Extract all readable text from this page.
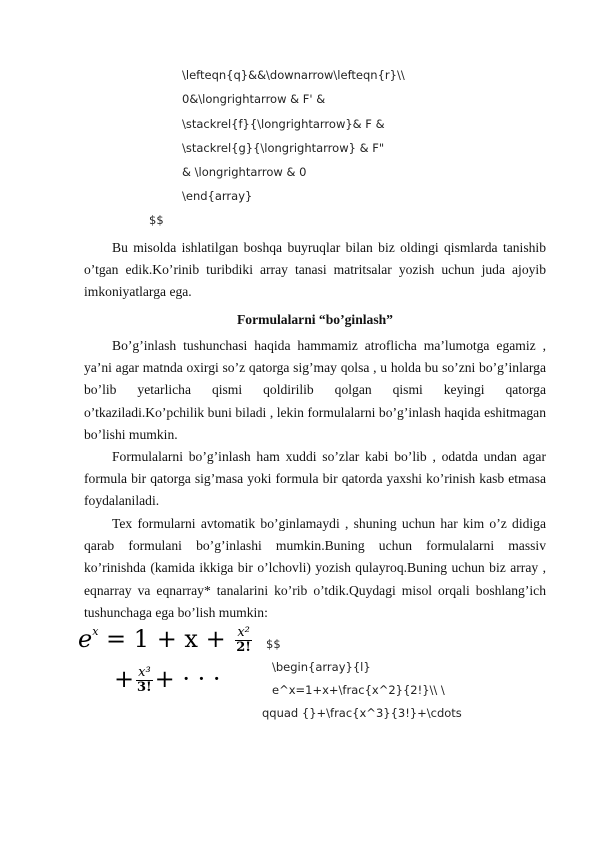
\lefteqn{q}&&\downarrow\lefteqn{r}\\
0&\longrightarrow & F' &
\stackrel{f}{\longrightarrow}& F &
\stackrel{g}{\longrightarrow} & F"
& \longrightarrow & 0
\end{array}
$$

Bu misolda ishlatilgan boshqa buyruqlar bilan biz oldingi qismlarda tanishib o’tgan edik.Ko’rinib turibdiki array tanasi matritsalar yozish uchun juda ajoyib imkoniyatlarga ega.

Formulalarni “bo’ginlash”

Bo’g’inlash tushunchasi haqida hammamiz atroflicha ma’lumotga egamiz , ya’ni agar matnda oxirgi so’z qatorga sig’may qolsa , u holda bu so’zni bo’g’inlarga bo’lib yetarlicha qismi qoldirilib qolgan qismi keyingi qatorga o’tkaziladi.Ko’pchilik buni biladi , lekin formulalarni bo’g’inlash haqida eshitmagan bo’lishi mumkin.

Formulalarni bo’g’inlash ham xuddi so’zlar kabi bo’lib , odatda undan agar formula bir qatorga sig’masa yoki formula bir qatorda yaxshi ko’rinish kasb etmasa foydalaniladi.

Tex formularni avtomatik bo’ginlamaydi , shuning uchun har kim o’z didiga qarab formulani bo’g’inlashi mumkin.Buning uchun formulalarni massiv ko’rinishda (kamida ikkiga bir o’lchovli) yozish qulayroq.Buning uchun biz array , eqnarray va eqnarray* tanalarini ko’rib o’tdik.Quydagi misol orqali boshlang’ich tushunchaga ega bo’lish mumkin:

$e^x = 1 + x + \frac{\text{x²}}{2!}$
+ $\frac{\text{x³}}{3!}$ + · · ·
$$
\begin{array}{l}
e^x=1+x+\frac{x^2}{2!}\\ \
qquad {}+\frac{x^3}{3!}+\cdots
